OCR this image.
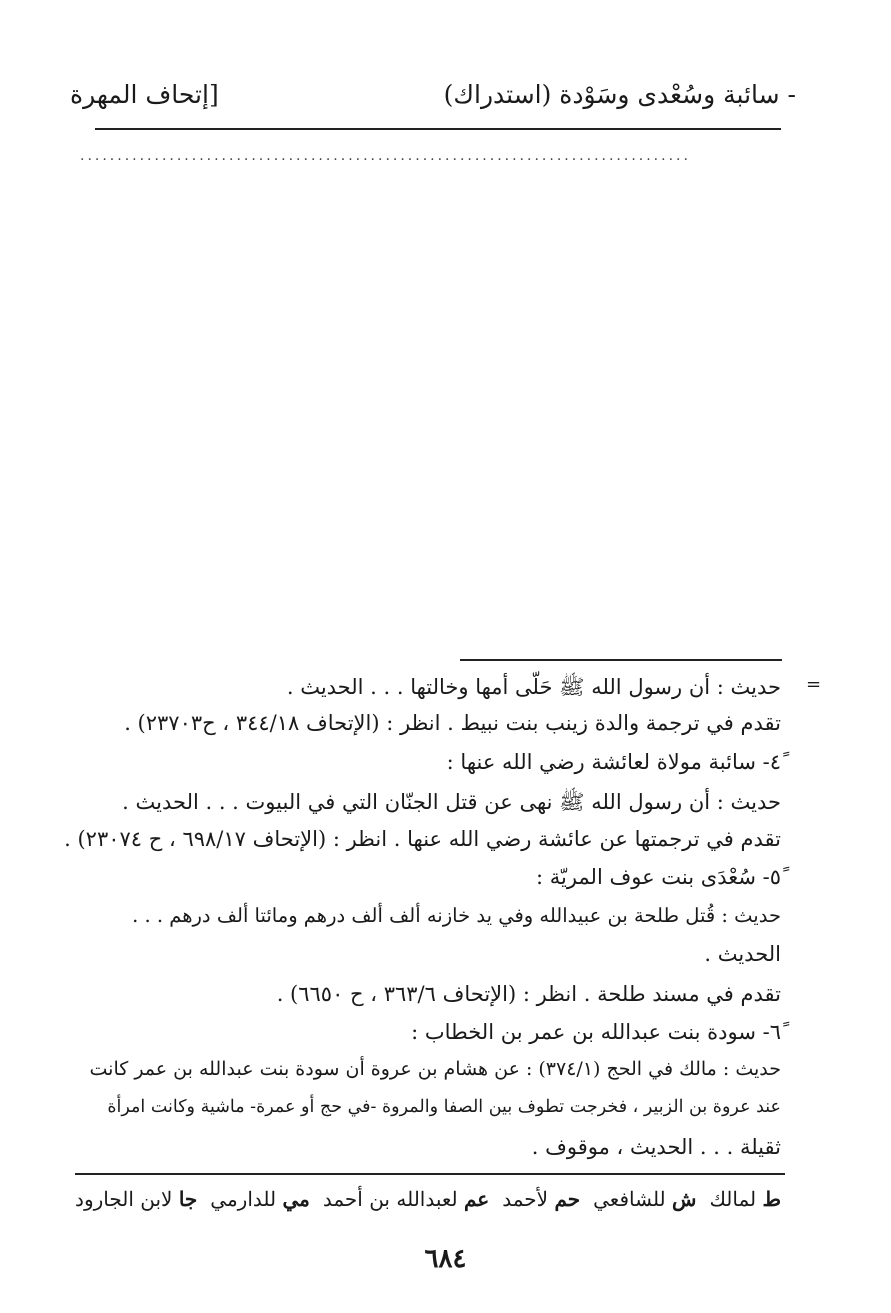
- سائبة وسُعْدى وسَوْدة (استدراك)
[إتحاف المهرة
..................................................................................
=
حديث : أن رسول الله ﷺ حَلّى أمها وخالتها . . . الحديث .
تقدم في ترجمة والدة زينب بنت نبيط . انظر : (الإتحاف ٣٤٤/١٨ ، ح٢٣٧٠٣) .
٤ً- سائبة مولاة لعائشة رضي الله عنها :
حديث : أن رسول الله ﷺ نهى عن قتل الجنّان التي في البيوت . . . الحديث .
تقدم في ترجمتها عن عائشة رضي الله عنها . انظر : (الإتحاف ٦٩٨/١٧ ، ح ٢٣٠٧٤) .
٥ً- سُعْدَى بنت عوف المريّة :
حديث : قُتل طلحة بن عبيدالله وفي يد خازنه ألف ألف درهم ومائتا ألف درهم . . .
الحديث .
تقدم في مسند طلحة . انظر : (الإتحاف ٣٦٣/٦ ، ح ٦٦٥٠) .
٦ً- سودة بنت عبدالله بن عمر بن الخطاب :
حديث : مالك في الحج (٣٧٤/١) : عن هشام بن عروة أن سودة بنت عبدالله بن عمر كانت
عند عروة بن الزبير ، فخرجت تطوف بين الصفا والمروة -في حج أو عمرة- ماشية وكانت امرأة
ثقيلة . . . الحديث ، موقوف .
ط لمالك
ش للشافعي
حم لأحمد
عم لعبدالله بن أحمد
مي للدارمي
جا لابن الجارود
٦٨٤
